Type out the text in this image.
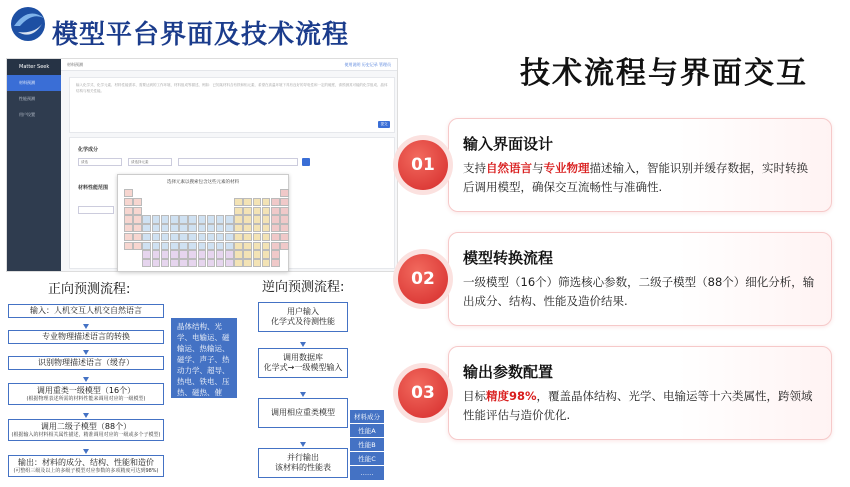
模型平台界面及技术流程
技术流程与界面交互
Matter Seek
材料预测
性能预测
用户设置
材料预测	使用说明 历史记录 管理员
输入化学式、化学元素、材料性能需求、需要达到的工作环境、材料组成等描述，例如：已知某材料含有铁和铝元素，希望在高温环境下具有良好的导电性和一定的硬度，请预测其可能的化学组成、晶体结构与相关性能。
提交
化学成分
请选	请选择元素
材料性能范围
选择元素以搜索包含这些元素的材料
正向预测流程:
输入：人机交互人机交自然语言
专业物理描述语言的转换
识别物理描述语言（缓存）
调用重类一级模型（16个）
(根据物理表述所需的材料性能来调用对应的一级模型)
调用二级子模型（88个）
(根据输入的材料相关属性描述，精准调用对应的一级或多个子模型)
输出：材料的成分、结构、性能和造价
(可整组三级及以上的多级子模型对应参数的多项精度可达到98%)
晶体结构、光学、电输运、磁输运、热输运、磁学、声子、热动力学、超导、热电、铁电、压热、磁热、催化、机械、造价
逆向预测流程:
用户输入
化学式及待测性能
调用数据库
化学式→一级模型输入
调用相应重类模型
并行输出
该材料的性能表
材料成分
性能A
性能B
性能C
……
输入界面设计
支持自然语言与专业物理描述输入，智能识别并缓存数据，实时转换后调用模型，确保交互流畅性与准确性.
01
模型转换流程
一级模型（16个）筛选核心参数，二级子模型（88个）细化分析，输出成分、结构、性能及造价结果.
02
输出参数配置
目标精度98%，覆盖晶体结构、光学、电输运等十六类属性，跨领域性能评估与造价优化.
03
